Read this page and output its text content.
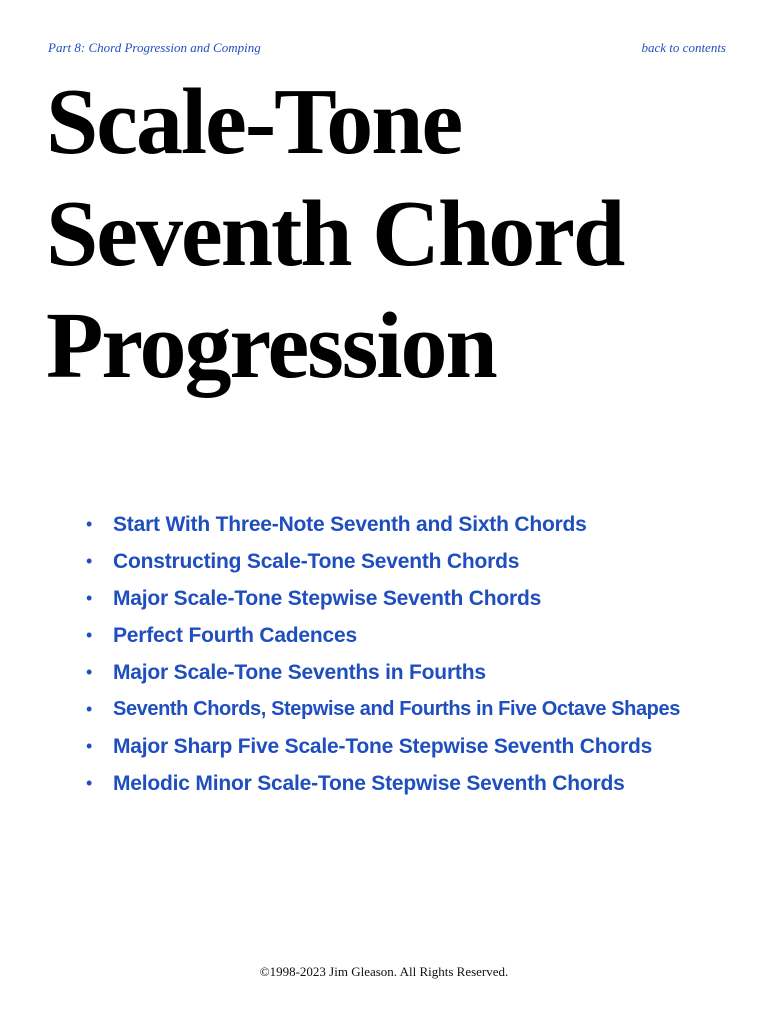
Part 8: Chord Progression and Comping	back to contents
Scale-Tone
Seventh Chord
Progression
• Start With Three-Note Seventh and Sixth Chords
• Constructing Scale-Tone Seventh Chords
• Major Scale-Tone Stepwise Seventh Chords
• Perfect Fourth Cadences
• Major Scale-Tone Sevenths in Fourths
• Seventh Chords, Stepwise and Fourths in Five Octave Shapes
• Major Sharp Five Scale-Tone Stepwise Seventh Chords
• Melodic Minor Scale-Tone Stepwise Seventh Chords
©1998-2023 Jim Gleason. All Rights Reserved.
